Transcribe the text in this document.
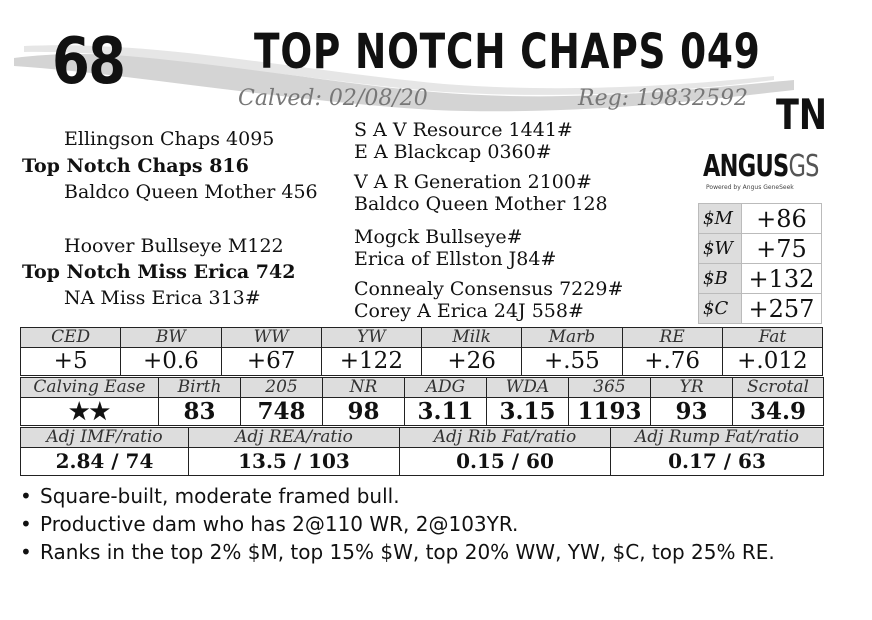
68	TOP NOTCH CHAPS 049
Calved: 02/08/20	Reg: 19832592 TN
Ellingson Chaps 4095
Top Notch Chaps 816
Baldco Queen Mother 456
S A V Resource 1441#
E A Blackcap 0360#
V A R Generation 2100#
Baldco Queen Mother 128
Hoover Bullseye M122
Top Notch Miss Erica 742
NA Miss Erica 313#
Mogck Bullseye#
Erica of Ellston J84#
Connealy Consensus 7229#
Corey A Erica 24J 558#
ANGUSGS
Powered by Angus GeneSeek
$M	+86
$W	+75
$B	+132
$C	+257
CED	BW	WW	YW	Milk	Marb	RE	Fat
+5	+0.6	+67	+122	+26	+.55	+.76	+.012
Calving Ease	Birth	205	NR	ADG	WDA	365	YR	Scrotal
★★	83	748	98	3.11	3.15	1193	93	34.9
Adj IMF/ratio	Adj REA/ratio	Adj Rib Fat/ratio	Adj Rump Fat/ratio
2.84 / 74	13.5 / 103	0.15 / 60	0.17 / 63
• Square-built, moderate framed bull.
• Productive dam who has 2@110 WR, 2@103YR.
• Ranks in the top 2% $M, top 15% $W, top 20% WW, YW, $C, top 25% RE.
